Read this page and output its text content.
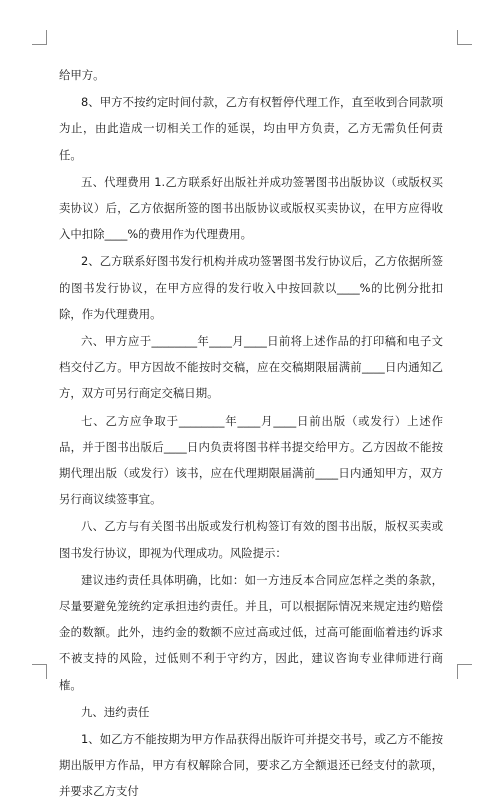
给甲方。

8、甲方不按约定时间付款，乙方有权暂停代理工作，直至收到合同款项为止，由此造成一切相关工作的延误，均由甲方负责，乙方无需负任何责任。

五、代理费用 1.乙方联系好出版社并成功签署图书出版协议（或版权买卖协议）后，乙方依据所签的图书出版协议或版权买卖协议，在甲方应得收入中扣除____%的费用作为代理费用。

2、乙方联系好图书发行机构并成功签署图书发行协议后，乙方依据所签的图书发行协议，在甲方应得的发行收入中按回款以____%的比例分批扣除，作为代理费用。

六、甲方应于________年____月____日前将上述作品的打印稿和电子文档交付乙方。甲方因故不能按时交稿，应在交稿期限届满前____日内通知乙方，双方可另行商定交稿日期。

七、乙方应争取于________年____月____日前出版（或发行）上述作品，并于图书出版后____日内负责将图书样书提交给甲方。乙方因故不能按期代理出版（或发行）该书，应在代理期限届满前____日内通知甲方，双方另行商议续签事宜。

八、乙方与有关图书出版或发行机构签订有效的图书出版，版权买卖或图书发行协议，即视为代理成功。风险提示：

建议违约责任具体明确，比如：如一方违反本合同应怎样之类的条款，尽量要避免笼统约定承担违约责任。并且，可以根据际情况来规定违约赔偿金的数额。此外，违约金的数额不应过高或过低，过高可能面临着违约诉求不被支持的风险，过低则不利于守约方，因此，建议咨询专业律师进行商榷。

九、违约责任

1、如乙方不能按期为甲方作品获得出版许可并提交书号，或乙方不能按期出版甲方作品，甲方有权解除合同，要求乙方全额退还已经支付的款项，并要求乙方支付
